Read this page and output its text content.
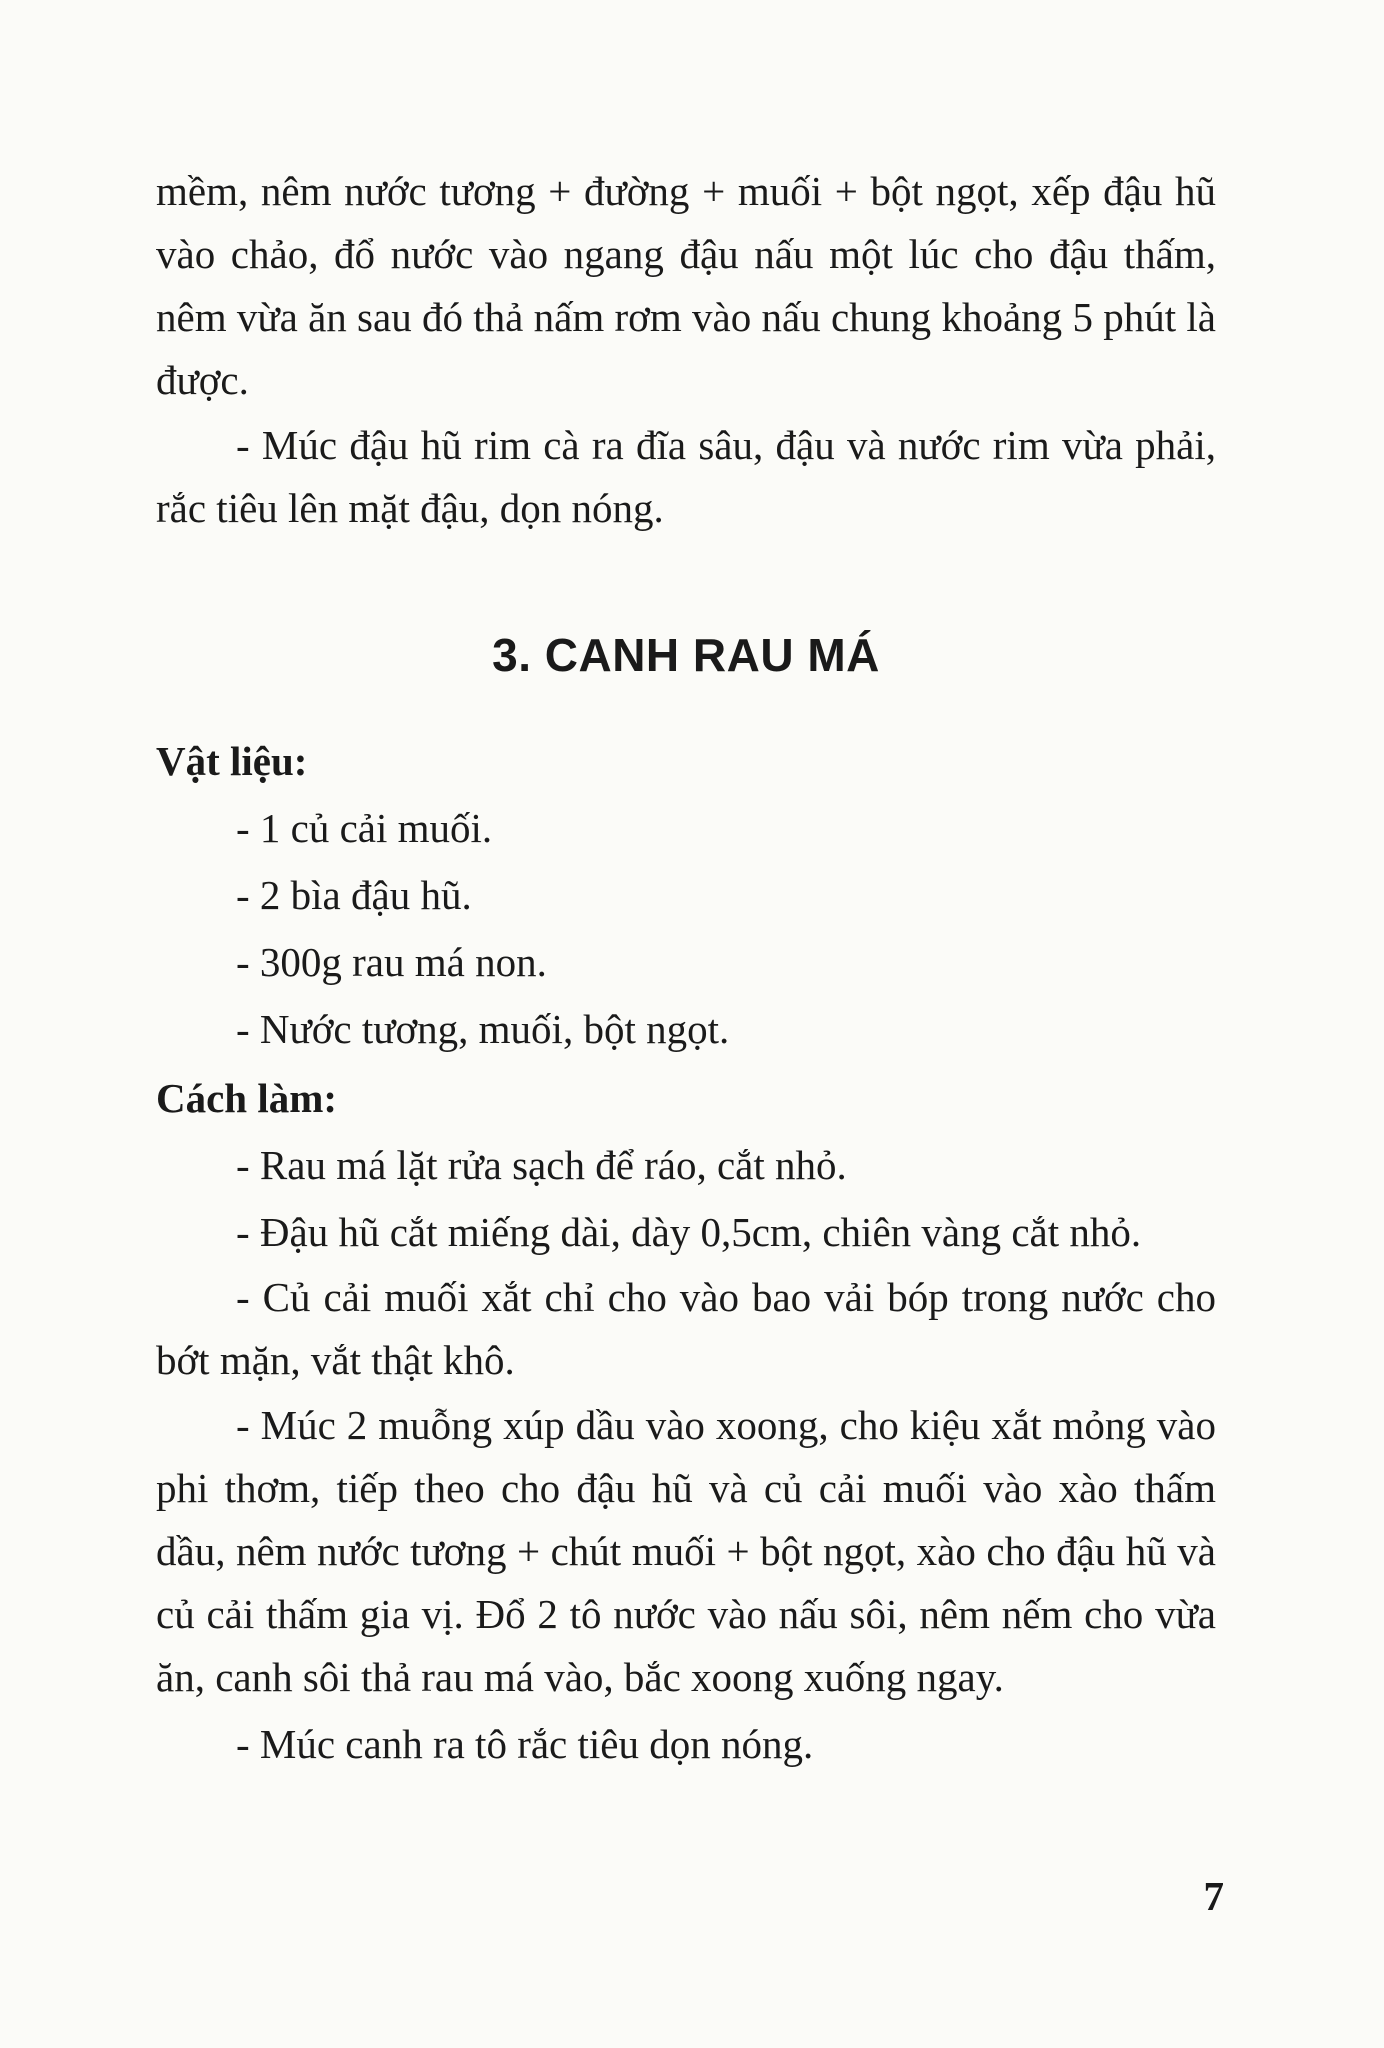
mềm, nêm nước tương + đường + muối + bột ngọt, xếp đậu hũ vào chảo, đổ nước vào ngang đậu nấu một lúc cho đậu thấm, nêm vừa ăn sau đó thả nấm rơm vào nấu chung khoảng 5 phút là được.

- Múc đậu hũ rim cà ra đĩa sâu, đậu và nước rim vừa phải, rắc tiêu lên mặt đậu, dọn nóng.

3. CANH RAU MÁ

Vật liệu:

- 1 củ cải muối.

- 2 bìa đậu hũ.

- 300g rau má non.

- Nước tương, muối, bột ngọt.

Cách làm:

- Rau má lặt rửa sạch để ráo, cắt nhỏ.

- Đậu hũ cắt miếng dài, dày 0,5cm, chiên vàng cắt nhỏ.

- Củ cải muối xắt chỉ cho vào bao vải bóp trong nước cho bớt mặn, vắt thật khô.

- Múc 2 muỗng xúp dầu vào xoong, cho kiệu xắt mỏng vào phi thơm, tiếp theo cho đậu hũ và củ cải muối vào xào thấm dầu, nêm nước tương + chút muối + bột ngọt, xào cho đậu hũ và củ cải thấm gia vị. Đổ 2 tô nước vào nấu sôi, nêm nếm cho vừa ăn, canh sôi thả rau má vào, bắc xoong xuống ngay.

- Múc canh ra tô rắc tiêu dọn nóng.

7
